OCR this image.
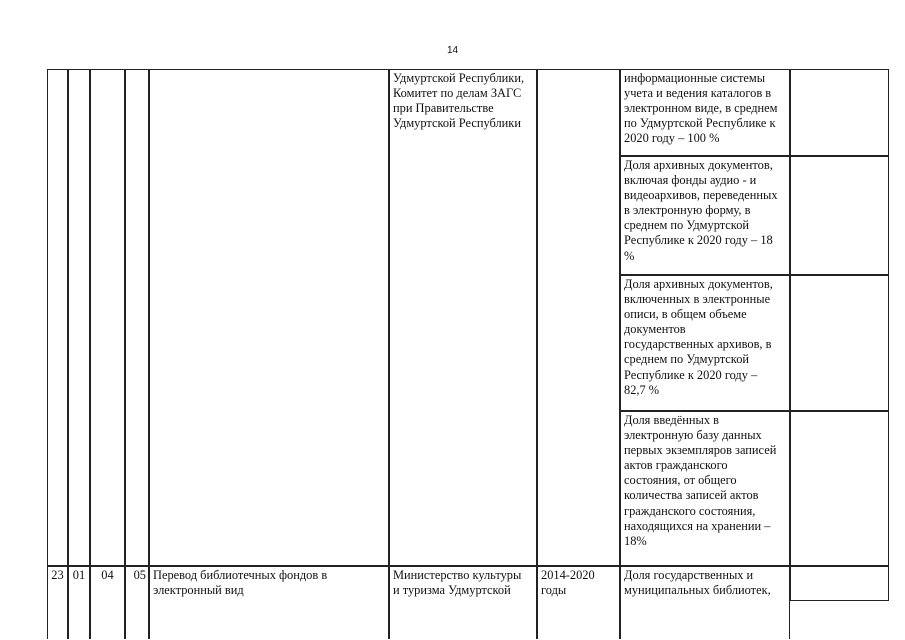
14
Удмуртской Республики,
Комитет по делам ЗАГС
при Правительстве
Удмуртской Республики
информационные системы
учета и ведения каталогов в
электронном виде, в среднем
по Удмуртской Республике к
2020 году – 100 %
Доля архивных документов,
включая фонды аудио - и
видеоархивов, переведенных
в электронную форму, в
среднем по Удмуртской
Республике к 2020 году – 18
%
Доля архивных документов,
включенных в электронные
описи, в общем объеме
документов
государственных архивов, в
среднем по Удмуртской
Республике к 2020 году –
82,7 %
Доля введённых в
электронную базу данных
первых экземпляров записей
актов гражданского
состояния, от общего
количества записей актов
гражданского состояния,
находящихся на хранении –
18%
23 01	04	05 Перевод библиотечных фондов в
электронный вид
Министерство культуры
и туризма Удмуртской
2014-2020
годы
Доля государственных и
муниципальных библиотек,
